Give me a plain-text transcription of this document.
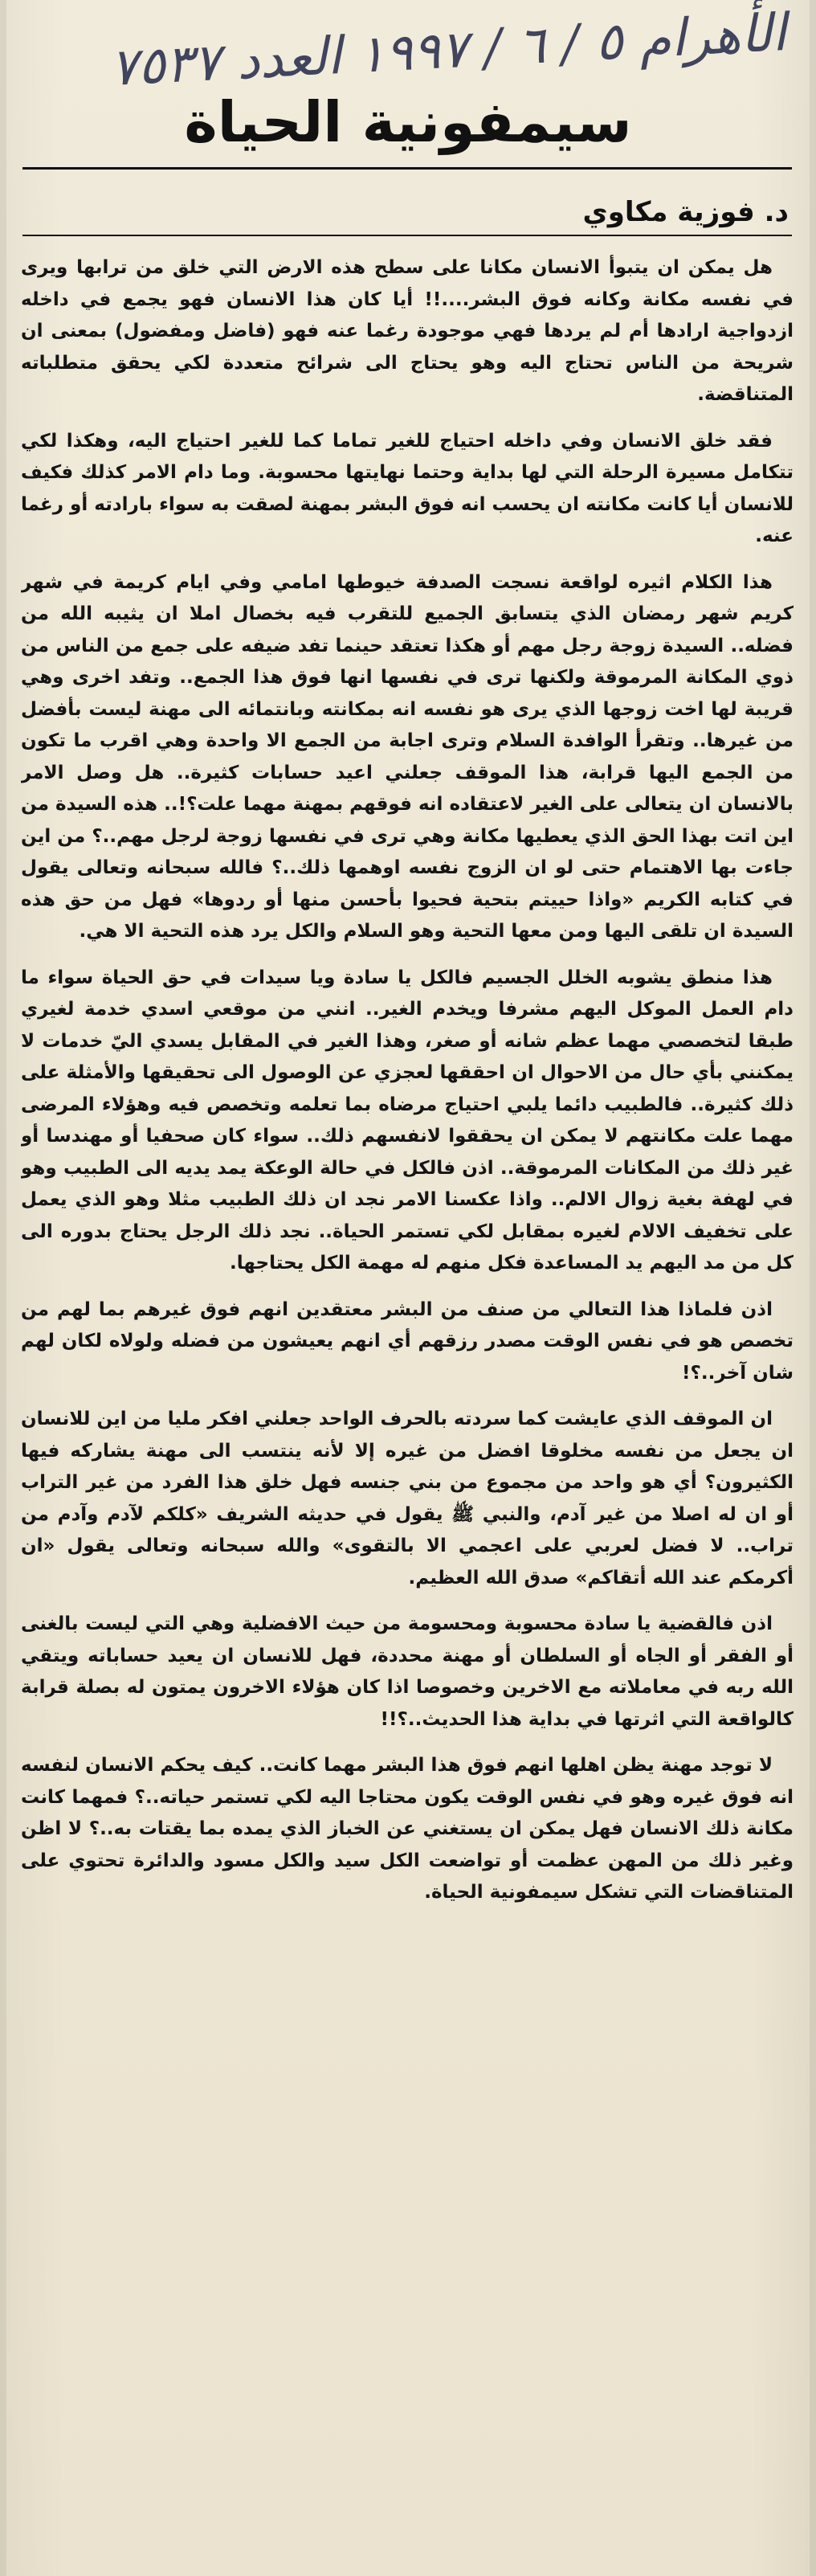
الأهرام ٥ / ٦ / ١٩٩٧ العدد ٧٥٣٧
سيمفونية الحياة
د. فوزية مكاوي

هل يمكن ان يتبوأ الانسان مكانا على سطح هذه الارض التي خلق من ترابها ويرى في نفسه مكانة وكانه فوق البشر....!! أيا كان هذا الانسان فهو يجمع في داخله ازدواجية ارادها أم لم يردها فهي موجودة رغما عنه فهو (فاضل ومفضول) بمعنى ان شريحة من الناس تحتاج اليه وهو يحتاج الى شرائح متعددة لكي يحقق متطلباته المتناقضة.

فقد خلق الانسان وفي داخله احتياج للغير تماما كما للغير احتياج اليه، وهكذا لكي تتكامل مسيرة الرحلة التي لها بداية وحتما نهايتها محسوبة. وما دام الامر كذلك فكيف للانسان أيا كانت مكانته ان يحسب انه فوق البشر بمهنة لصقت به سواء بارادته أو رغما عنه.

هذا الكلام اثيره لواقعة نسجت الصدفة خيوطها امامي وفي ايام كريمة في شهر كريم شهر رمضان الذي يتسابق الجميع للتقرب فيه بخصال املا ان يثيبه الله من فضله.. السيدة زوجة رجل مهم أو هكذا تعتقد حينما تفد ضيفه على جمع من الناس من ذوي المكانة المرموقة ولكنها ترى في نفسها انها فوق هذا الجمع.. وتفد اخرى وهي قريبة لها اخت زوجها الذي يرى هو نفسه انه بمكانته وبانتمائه الى مهنة ليست بأفضل من غيرها.. وتقرأ الوافدة السلام وترى اجابة من الجمع الا واحدة وهي اقرب ما تكون من الجمع اليها قرابة، هذا الموقف جعلني اعيد حسابات كثيرة.. هل وصل الامر بالانسان ان يتعالى على الغير لاعتقاده انه فوقهم بمهنة مهما علت؟!.. هذه السيدة من اين اتت بهذا الحق الذي يعطيها مكانة وهي ترى في نفسها زوجة لرجل مهم..؟ من اين جاءت بها الاهتمام حتى لو ان الزوج نفسه اوهمها ذلك..؟ فالله سبحانه وتعالى يقول في كتابه الكريم «واذا حييتم بتحية فحيوا بأحسن منها أو ردوها» فهل من حق هذه السيدة ان تلقى اليها ومن معها التحية وهو السلام والكل يرد هذه التحية الا هي.

هذا منطق يشوبه الخلل الجسيم فالكل يا سادة ويا سيدات في حق الحياة سواء ما دام العمل الموكل اليهم مشرفا ويخدم الغير.. انني من موقعي اسدي خدمة لغيري طبقا لتخصصي مهما عظم شانه أو صغر، وهذا الغير في المقابل يسدي اليّ خدمات لا يمكنني بأي حال من الاحوال ان احققها لعجزي عن الوصول الى تحقيقها والأمثلة على ذلك كثيرة.. فالطبيب دائما يلبي احتياج مرضاه بما تعلمه وتخصص فيه وهؤلاء المرضى مهما علت مكانتهم لا يمكن ان يحققوا لانفسهم ذلك.. سواء كان صحفيا أو مهندسا أو غير ذلك من المكانات المرموقة.. اذن فالكل في حالة الوعكة يمد يديه الى الطبيب وهو في لهفة بغية زوال الالم.. واذا عكسنا الامر نجد ان ذلك الطبيب مثلا وهو الذي يعمل على تخفيف الالام لغيره بمقابل لكي تستمر الحياة.. نجد ذلك الرجل يحتاج بدوره الى كل من مد اليهم يد المساعدة فكل منهم له مهمة الكل يحتاجها.

اذن فلماذا هذا التعالي من صنف من البشر معتقدين انهم فوق غيرهم بما لهم من تخصص هو في نفس الوقت مصدر رزقهم أي انهم يعيشون من فضله ولولاه لكان لهم شان آخر..؟!

ان الموقف الذي عايشت كما سردته بالحرف الواحد جعلني افكر مليا من اين للانسان ان يجعل من نفسه مخلوقا افضل من غيره إلا لأنه ينتسب الى مهنة يشاركه فيها الكثيرون؟ أي هو واحد من مجموع من بني جنسه فهل خلق هذا الفرد من غير التراب أو ان له اصلا من غير آدم، والنبي ﷺ يقول في حديثه الشريف «كلكم لآدم وآدم من تراب.. لا فضل لعربي على اعجمي الا بالتقوى» والله سبحانه وتعالى يقول «ان أكرمكم عند الله أتقاكم» صدق الله العظيم.

اذن فالقضية يا سادة محسوبة ومحسومة من حيث الافضلية وهي التي ليست بالغنى أو الفقر أو الجاه أو السلطان أو مهنة محددة، فهل للانسان ان يعيد حساباته ويتقي الله ربه في معاملاته مع الاخرين وخصوصا اذا كان هؤلاء الاخرون يمتون له بصلة قرابة كالواقعة التي اثرتها في بداية هذا الحديث..؟!!

لا توجد مهنة يظن اهلها انهم فوق هذا البشر مهما كانت.. كيف يحكم الانسان لنفسه انه فوق غيره وهو في نفس الوقت يكون محتاجا اليه لكي تستمر حياته..؟ فمهما كانت مكانة ذلك الانسان فهل يمكن ان يستغني عن الخباز الذي يمده بما يقتات به..؟ لا اظن وغير ذلك من المهن عظمت أو تواضعت الكل سيد والكل مسود والدائرة تحتوي على المتناقضات التي تشكل سيمفونية الحياة.
